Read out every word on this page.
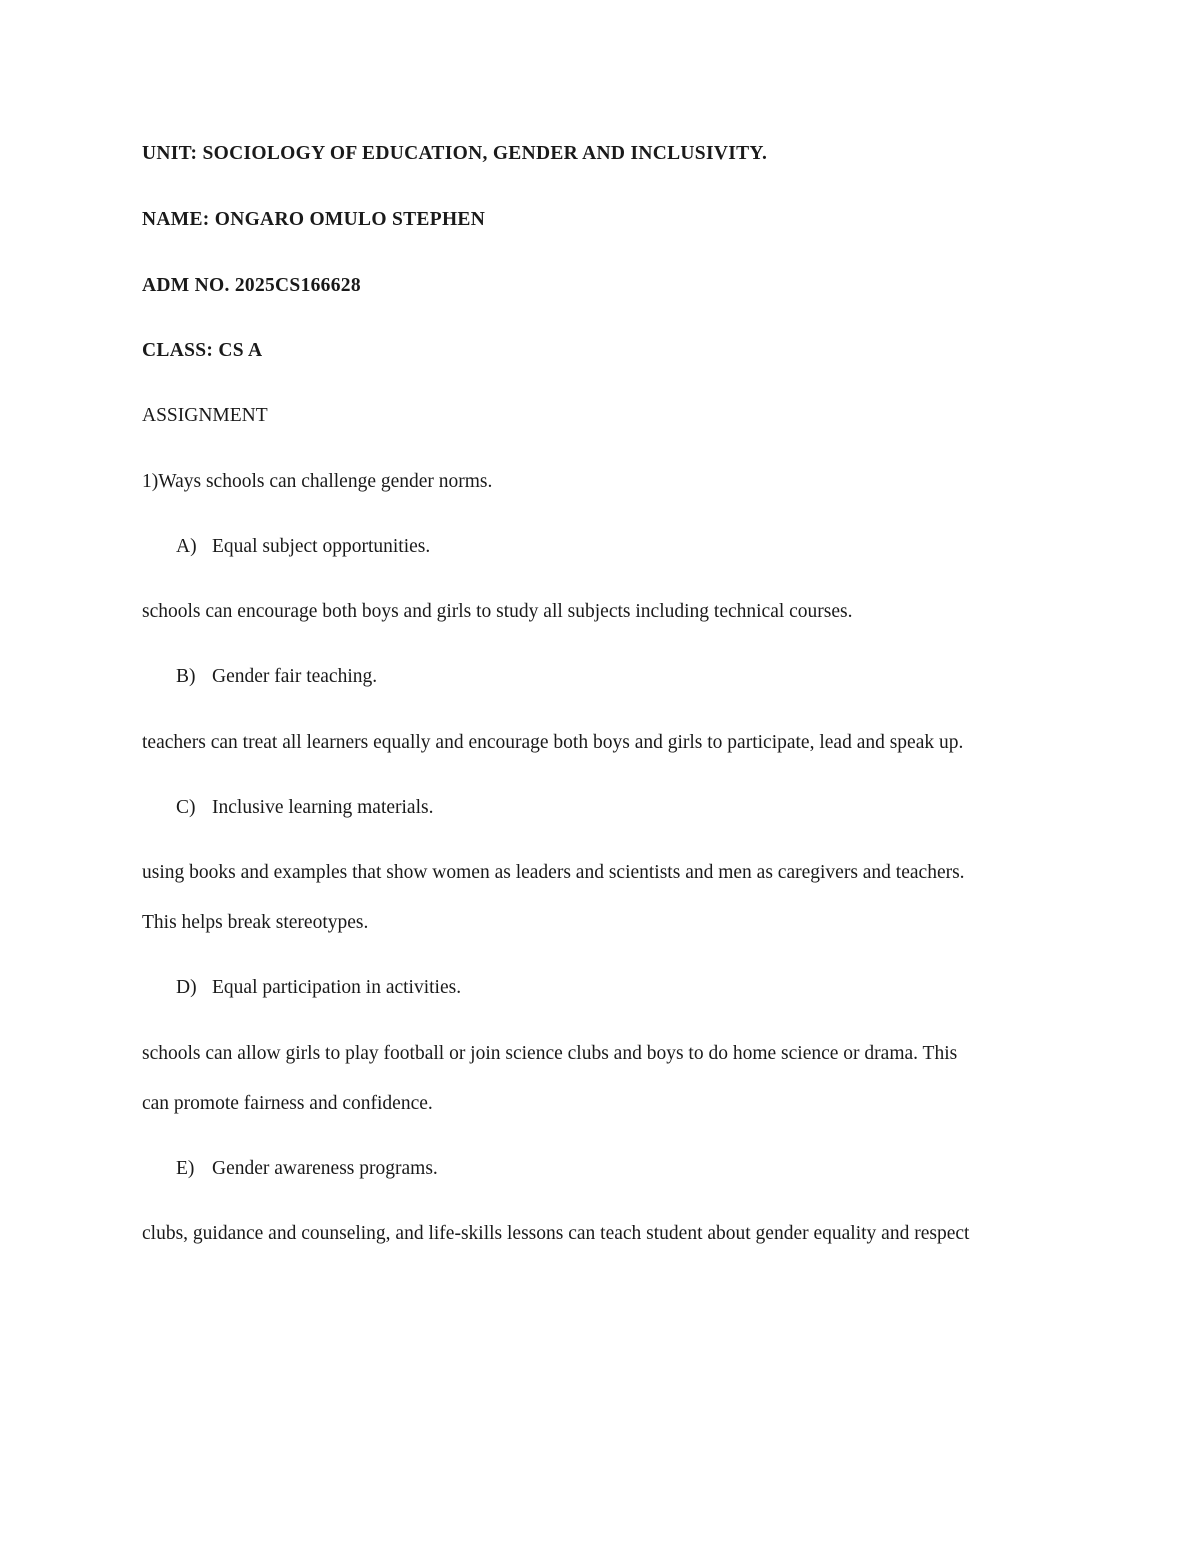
UNIT: SOCIOLOGY OF EDUCATION, GENDER AND INCLUSIVITY.
NAME: ONGARO OMULO STEPHEN
ADM NO. 2025CS166628
CLASS: CS A
ASSIGNMENT
1)Ways schools can challenge gender norms.
A) Equal subject opportunities.
schools can encourage both boys and girls to study all subjects including technical courses.
B) Gender fair teaching.
teachers can treat all learners equally and encourage both boys and girls to participate, lead and speak up.
C) Inclusive learning materials.
using books and examples that show women as leaders and scientists and men as caregivers and teachers.
This helps break stereotypes.
D) Equal participation in activities.
schools can allow girls to play football or join science clubs and boys to do home science or drama. This
can promote fairness and confidence.
E) Gender awareness programs.
clubs, guidance and counseling, and life-skills lessons can teach student about gender equality and respect
